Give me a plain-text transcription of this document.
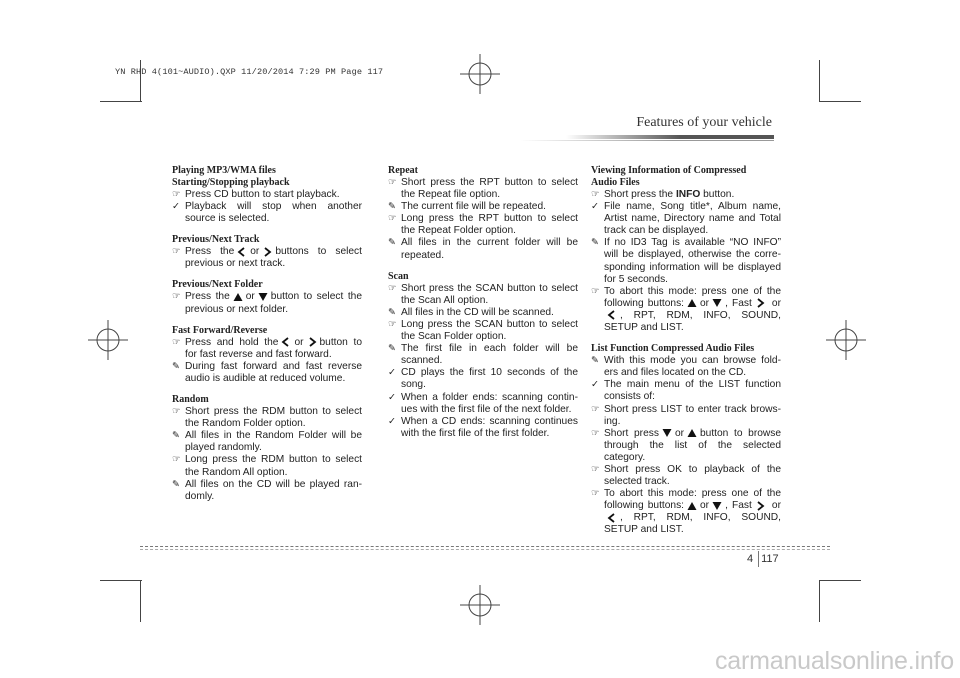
YN RHD 4(101~AUDIO).QXP 11/20/2014 7:29 PM Page 117
Features of your vehicle
Playing MP3/WMA files
Starting/Stopping playback
☞ Press CD button to start playback.
✓ Playback will stop when another source is selected.
Previous/Next Track
☞ Press the or buttons to select previous or next track.
Previous/Next Folder
☞ Press the or button to select the previous or next folder.
Fast Forward/Reverse
☞ Press and hold the or button to for fast reverse and fast forward.
✎ During fast forward and fast reverse audio is audible at reduced volume.
Random
☞ Short press the RDM button to select the Random Folder option.
✎ All files in the Random Folder will be played randomly.
☞ Long press the RDM button to select the Random All option.
✎ All files on the CD will be played ran-domly.
Repeat
☞ Short press the RPT button to select the Repeat file option.
✎ The current file will be repeated.
☞ Long press the RPT button to select the Repeat Folder option.
✎ All files in the current folder will be repeated.
Scan
☞ Short press the SCAN button to select the Scan All option.
✎ All files in the CD will be scanned.
☞ Long press the SCAN button to select the Scan Folder option.
✎ The first file in each folder will be scanned.
✓ CD plays the first 10 seconds of the song.
✓ When a folder ends: scanning contin-ues with the first file of the next folder.
✓ When a CD ends: scanning continues with the first file of the first folder.
Viewing Information of Compressed
Audio Files
☞ Short press the INFO button.
✓ File name, Song title*, Album name, Artist name, Directory name and Total track can be displayed.
✎ If no ID3 Tag is available “NO INFO” will be displayed, otherwise the corre-sponding information will be displayed for 5 seconds.
☞ To abort this mode: press one of the following buttons: or , Fast or
, RPT, RDM, INFO, SOUND, SETUP and LIST.
List Function Compressed Audio Files
✎ With this mode you can browse fold-ers and files located on the CD.
✓ The main menu of the LIST function consists of:
☞ Short press LIST to enter track brows-ing.
☞ Short press or button to browse through the list of the selected category.
☞ Short press OK to playback of the selected track.
☞ To abort this mode: press one of the following buttons: or , Fast or
, RPT, RDM, INFO, SOUND, SETUP and LIST.
4 117
carmanualsonline.info
